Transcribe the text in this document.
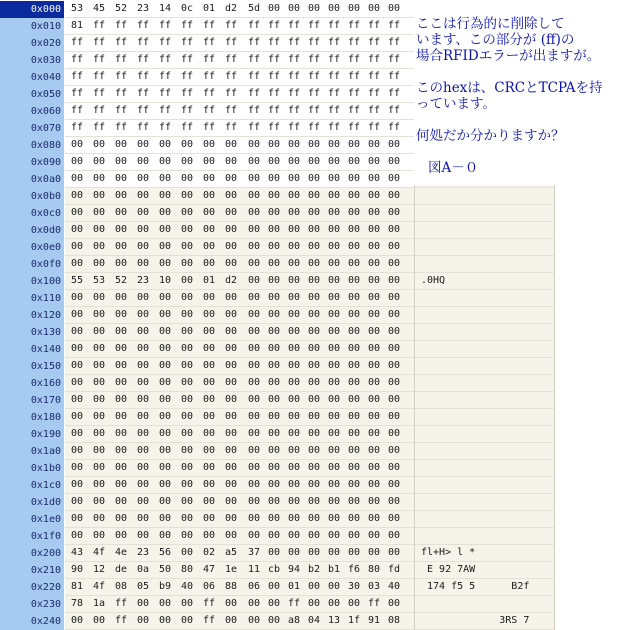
0x000	53 45 52 23 14 0c 01 d2 5d 00 00 00 00 00 00 00
0x010	81 ff ff ff ff ff ff ff ff ff ff ff ff ff ff ff
0x020	ff ff ff ff ff ff ff ff ff ff ff ff ff ff ff ff
0x030	ff ff ff ff ff ff ff ff ff ff ff ff ff ff ff ff
0x040	ff ff ff ff ff ff ff ff ff ff ff ff ff ff ff ff
0x050	ff ff ff ff ff ff ff ff ff ff ff ff ff ff ff ff
0x060	ff ff ff ff ff ff ff ff ff ff ff ff ff ff ff ff
0x070	ff ff ff ff ff ff ff ff ff ff ff ff ff ff ff ff
0x080	00 00 00 00 00 00 00 00 00 00 00 00 00 00 00 00
0x090	00 00 00 00 00 00 00 00 00 00 00 00 00 00 00 00
0x0a0	00 00 00 00 00 00 00 00 00 00 00 00 00 00 00 00
0x0b0	00 00 00 00 00 00 00 00 00 00 00 00 00 00 00 00
0x0c0	00 00 00 00 00 00 00 00 00 00 00 00 00 00 00 00
0x0d0	00 00 00 00 00 00 00 00 00 00 00 00 00 00 00 00
0x0e0	00 00 00 00 00 00 00 00 00 00 00 00 00 00 00 00
0x0f0	00 00 00 00 00 00 00 00 00 00 00 00 00 00 00 00
0x100	55 53 52 23 10 00 01 d2 00 00 00 00 00 00 00 00	.0HQ
0x110	00 00 00 00 00 00 00 00 00 00 00 00 00 00 00 00
0x120	00 00 00 00 00 00 00 00 00 00 00 00 00 00 00 00
0x130	00 00 00 00 00 00 00 00 00 00 00 00 00 00 00 00
0x140	00 00 00 00 00 00 00 00 00 00 00 00 00 00 00 00
0x150	00 00 00 00 00 00 00 00 00 00 00 00 00 00 00 00
0x160	00 00 00 00 00 00 00 00 00 00 00 00 00 00 00 00
0x170	00 00 00 00 00 00 00 00 00 00 00 00 00 00 00 00
0x180	00 00 00 00 00 00 00 00 00 00 00 00 00 00 00 00
0x190	00 00 00 00 00 00 00 00 00 00 00 00 00 00 00 00
0x1a0	00 00 00 00 00 00 00 00 00 00 00 00 00 00 00 00
0x1b0	00 00 00 00 00 00 00 00 00 00 00 00 00 00 00 00
0x1c0	00 00 00 00 00 00 00 00 00 00 00 00 00 00 00 00
0x1d0	00 00 00 00 00 00 00 00 00 00 00 00 00 00 00 00
0x1e0	00 00 00 00 00 00 00 00 00 00 00 00 00 00 00 00
0x1f0	00 00 00 00 00 00 00 00 00 00 00 00 00 00 00 00
0x200	43 4f 4e 23 56 00 02 a5 37 00 00 00 00 00 00 00	fl+H> l *
0x210	90 12 de 0a 50 80 47 1e 11 cb 94 b2 b1 f6 80 fd	E 92 7AW
0x220	81 4f 08 05 b9 40 06 88 06 00 01 00 00 30 03 40	174 f5 5      B2f
0x230	78 1a ff 00 00 00 ff 00 00 00 ff 00 00 00 ff 00
0x240	00 00 ff 00 00 00 ff 00 00 00 a8 04 13 1f 91 08	3RS 7
ここは行為的に削除して
います、この部分が (ff)の
場合RFIDエラーが出ますが。
このhexは、CRCとTCPAを持
っています。
何処だか分かりますか？
図A－０
